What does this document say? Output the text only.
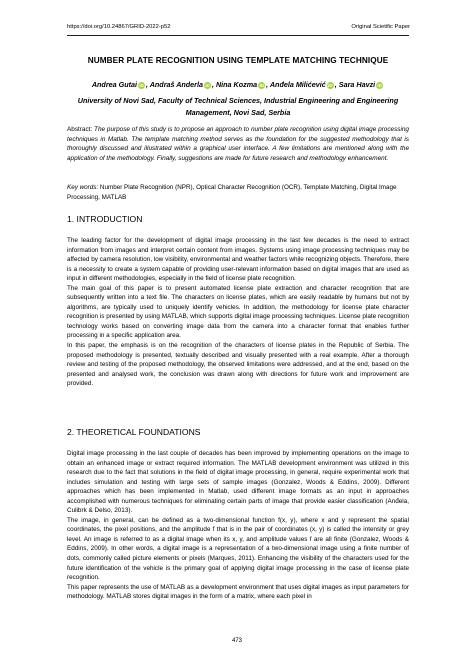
https://doi.org/10.24867/GRID-2022-p52	Original Scietific Paper
NUMBER PLATE RECOGNITION USING TEMPLATE MATCHING TECHNIQUE
Andrea Gutai iD , Andraš Anderla iD , Nina Kozma iD , Anđela Milićević iD , Sara Havzi iD
University of Novi Sad, Faculty of Technical Sciences, Industrial Engineering and Engineering Management, Novi Sad, Serbia
Abstract: The purpose of this study is to propose an approach to number plate recognition using digital image processing techniques in Matlab. The template matching method serves as the foundation for the suggested methodology that is thoroughly discussed and illustrated within a graphical user interface. A few limitations are mentioned along with the application of the methodology. Finally, suggestions are made for future research and methodology enhancement.
Key words: Number Plate Recognition (NPR), Optical Character Recognition (OCR), Template Matching, Digital Image Processing, MATLAB
1. INTRODUCTION

The leading factor for the development of digital image processing in the last few decades is the need to extract information from images and interpret certain content from images. Systems using image processing techniques may be affected by camera resolution, low visibility, environmental and weather factors while recognizing objects. Therefore, there is a necessity to create a system capable of providing user-relevant information based on digital images that are used as input in different methodologies, especially in the field of license plate recognition.

The main goal of this paper is to present automated license plate extraction and character recognition that are subsequently written into a text file. The characters on license plates, which are easily readable by humans but not by algorithms, are typically used to uniquely identify vehicles. In addition, the methodology for license plate character recognition is presented by using MATLAB, which supports digital image processing techniques. License plate recognition technology works based on converting image data from the camera into a character format that enables further processing in a specific application area.

In this paper, the emphasis is on the recognition of the characters of license plates in the Republic of Serbia. The proposed methodology is presented, textually described and visually presented with a real example. After a thorough review and testing of the proposed methodology, the observed limitations were addressed, and at the end, based on the presented and analysed work, the conclusion was drawn along with directions for future work and improvement are provided.

2. THEORETICAL FOUNDATIONS

Digital image processing in the last couple of decades has been improved by implementing operations on the image to obtain an enhanced image or extract required information. The MATLAB development environment was utilized in this research due to the fact that solutions in the field of digital image processing, in general, require experimental work that includes simulation and testing with large sets of sample images (Gonzalez, Woods & Eddins, 2009). Different approaches which has been implemented in Matlab, used different image formats as an input in approaches accomplished with numerous techniques for eliminating certain parts of image that provide easier classification (Anđela, Culibrk & Delso, 2013).

The image, in general, can be defined as a two-dimensional function f(x, y), where x and y represent the spatial coordinates, the pixel positions, and the amplitude f that is in the pair of coordinates (x, y) is called the intensity or grey level. An image is referred to as a digital image when its x, y, and amplitude values f are all finite (Gonzalez, Woods & Eddins, 2009). In other words, a digital image is a representation of a two-dimensional image using a finite number of dots, commonly called picture elements or pixels (Marques, 2011). Enhancing the visibility of the characters used for the future identification of the vehicle is the primary goal of applying digital image processing in the case of license plate recognition.

This paper represents the use of MATLAB as a development environment that uses digital images as input parameters for methodology. MATLAB stores digital images in the form of a matrix, where each pixel in

473
